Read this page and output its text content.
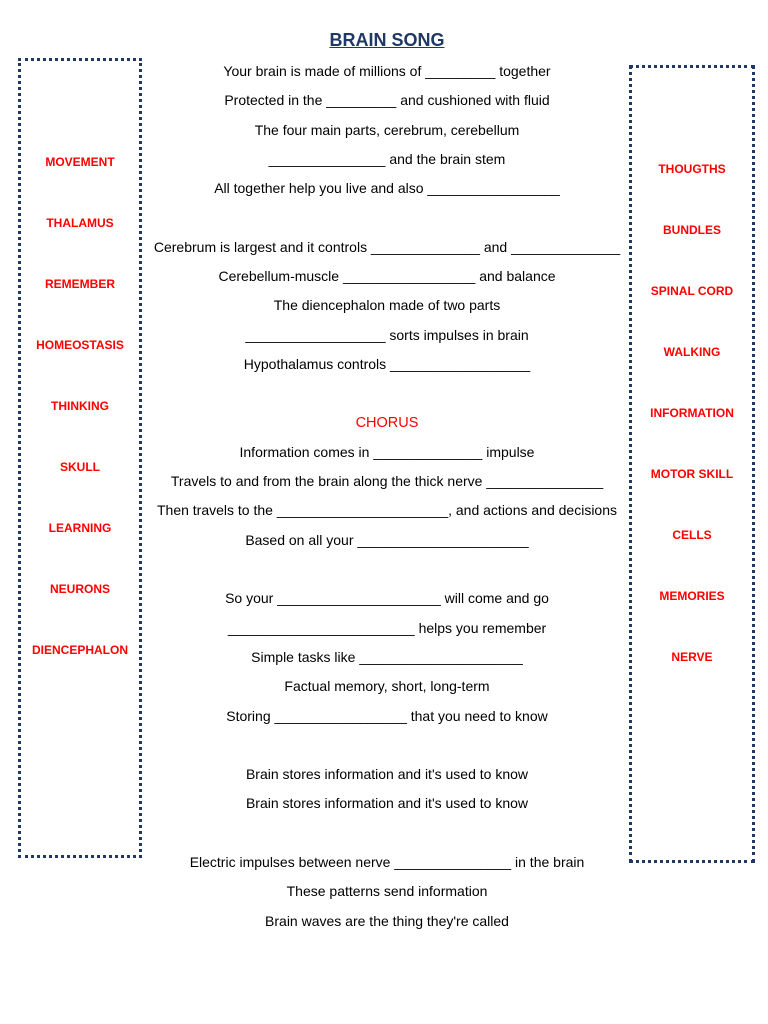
BRAIN SONG
MOVEMENT
THALAMUS
REMEMBER
HOMEOSTASIS
THINKING
SKULL
LEARNING
NEURONS
DIENCEPHALON
THOUGTHS
BUNDLES
SPINAL CORD
WALKING
INFORMATION
MOTOR SKILL
CELLS
MEMORIES
NERVE
Your brain is made of millions of _________ together
Protected in the _________ and cushioned with fluid
The four main parts, cerebrum, cerebellum
_______________ and the brain stem
All together help you live and also _________________
Cerebrum is largest and it controls ______________ and ______________
Cerebellum-muscle _________________ and balance
The diencephalon made of two parts
__________________ sorts impulses in brain
Hypothalamus controls __________________
CHORUS
Information comes in ______________ impulse
Travels to and from the brain along the thick nerve _______________
Then travels to the ______________________, and actions and decisions
Based on all your ______________________
So your _____________________ will come and go
________________________ helps you remember
Simple tasks like _____________________
Factual memory, short, long-term
Storing _________________ that you need to know
Brain stores information and it's used to know
Brain stores information and it's used to know
Electric impulses between nerve _______________ in the brain
These patterns send information
Brain waves are the thing they're called
